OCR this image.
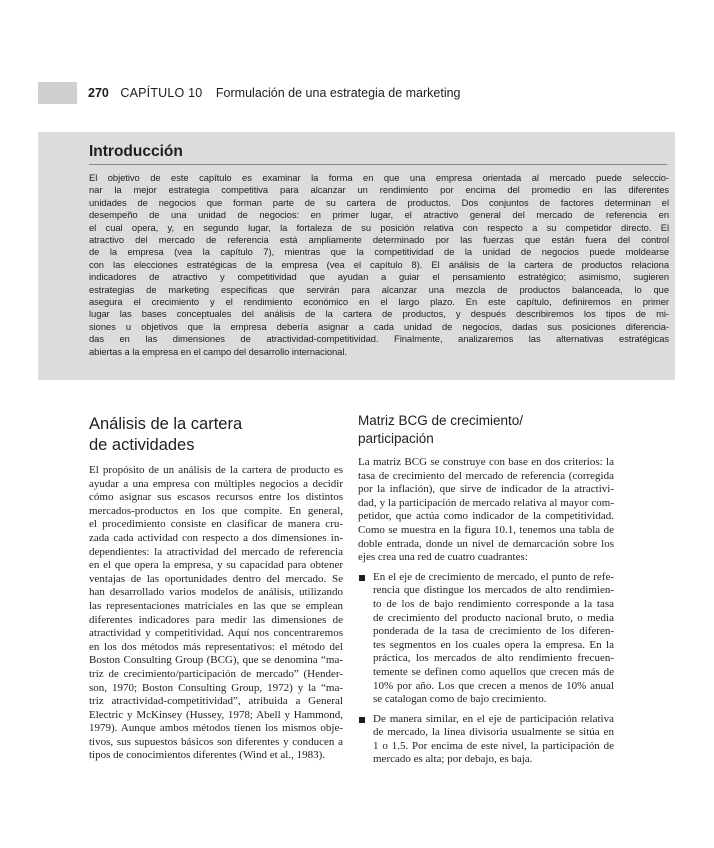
270 CAPÍTULO 10 Formulación de una estrategia de marketing
Introducción
El objetivo de este capítulo es examinar la forma en que una empresa orientada al mercado puede seleccio-
nar la mejor estrategia competitiva para alcanzar un rendimiento por encima del promedio en las diferentes
unidades de negocios que forman parte de su cartera de productos. Dos conjuntos de factores determinan el
desempeño de una unidad de negocios: en primer lugar, el atractivo general del mercado de referencia en
el cual opera, y, en segundo lugar, la fortaleza de su posición relativa con respecto a su competidor directo. El
atractivo del mercado de referencia está ampliamente determinado por las fuerzas que están fuera del control
de la empresa (vea la capítulo 7), mientras que la competitividad de la unidad de negocios puede moldearse
con las elecciones estratégicas de la empresa (vea el capítulo 8). El análisis de la cartera de productos relaciona
indicadores de atractivo y competitividad que ayudan a guiar el pensamiento estratégico; asimismo, sugieren
estrategias de marketing específicas que servirán para alcanzar una mezcla de productos balanceada, lo que
asegura el crecimiento y el rendimiento económico en el largo plazo. En este capítulo, definiremos en primer
lugar las bases conceptuales del análisis de la cartera de productos, y después describiremos los tipos de mi-
siones u objetivos que la empresa debería asignar a cada unidad de negocios, dadas sus posiciones diferencia-
das en las dimensiones de atractividad-competitividad. Finalmente, analizaremos las alternativas estratégicas
abiertas a la empresa en el campo del desarrollo internacional.
Análisis de la cartera
de actividades
El propósito de un análisis de la cartera de producto es
ayudar a una empresa con múltiples negocios a decidir
cómo asignar sus escasos recursos entre los distintos
mercados-productos en los que compite. En general,
el procedimiento consiste en clasificar de manera cru-
zada cada actividad con respecto a dos dimensiones in-
dependientes: la atractividad del mercado de referencia
en el que opera la empresa, y su capacidad para obtener
ventajas de las oportunidades dentro del mercado. Se
han desarrollado varios modelos de análisis, utilizando
las representaciones matriciales en las que se emplean
diferentes indicadores para medir las dimensiones de
atractividad y competitividad. Aquí nos concentraremos
en los dos métodos más representativos: el método del
Boston Consulting Group (BCG), que se denomina “ma-
triz de crecimiento/participación de mercado” (Hender-
son, 1970; Boston Consulting Group, 1972) y la “ma-
triz atractividad-competitividad”, atribuida a General
Electric y McKinsey (Hussey, 1978; Abell y Hammond,
1979). Aunque ambos métodos tienen los mismos obje-
tivos, sus supuestos básicos son diferentes y conducen a
tipos de conocimientos diferentes (Wind et al., 1983).
Matriz BCG de crecimiento/
participación
La matriz BCG se construye con base en dos criterios: la
tasa de crecimiento del mercado de referencia (corregida
por la inflación), que sirve de indicador de la atractivi-
dad, y la participación de mercado relativa al mayor com-
petidor, que actúa como indicador de la competitividad.
Como se muestra en la figura 10.1, tenemos una tabla de
doble entrada, donde un nivel de demarcación sobre los
ejes crea una red de cuatro cuadrantes:
En el eje de crecimiento de mercado, el punto de refe-
rencia que distingue los mercados de alto rendimien-
to de los de bajo rendimiento corresponde a la tasa
de crecimiento del producto nacional bruto, o media
ponderada de la tasa de crecimiento de los diferen-
tes segmentos en los cuales opera la empresa. En la
práctica, los mercados de alto rendimiento frecuen-
temente se definen como aquellos que crecen más de
10% por año. Los que crecen a menos de 10% anual
se catalogan como de bajo crecimiento.
De manera similar, en el eje de participación relativa
de mercado, la línea divisoria usualmente se sitúa en
1 o 1.5. Por encima de este nivel, la participación de
mercado es alta; por debajo, es baja.
